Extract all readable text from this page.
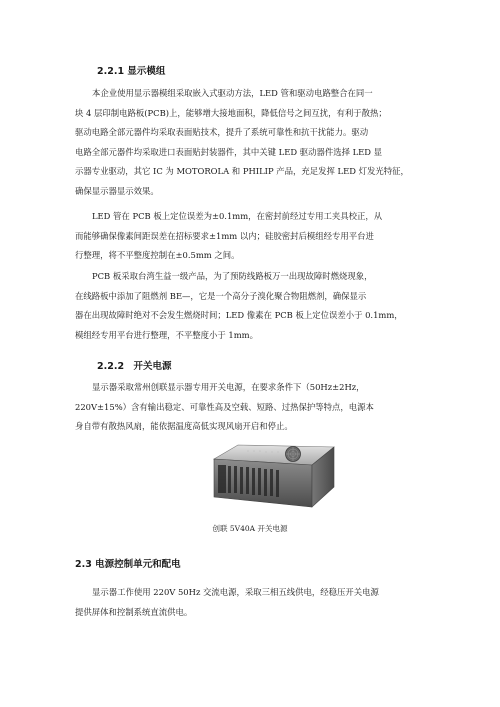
2.2.1 显示模组
本企业使用显示器模组采取嵌入式驱动方法，LED 管和驱动电路整合在同一
块 4 层印制电路板(PCB)上，能够增大接地面积，降低信号之间互扰，有利于散热；
驱动电路全部元器件均采取表面贴技术，提升了系统可靠性和抗干扰能力。驱动
电路全部元器件均采取进口表面贴封装器件，其中关键 LED 驱动器件选择 LED 显
示器专业驱动，其它 IC 为 MOTOROLA 和 PHILIP 产品，充足发挥 LED 灯发光特征，
确保显示器显示效果。
LED 管在 PCB 板上定位误差为±0.1mm，在密封前经过专用工夹具校正，从
而能够确保像素间距误差在招标要求±1mm 以内；硅胶密封后模组经专用平台进
行整理，将不平整度控制在±0.5mm 之间。
PCB 板采取台湾生益一级产品，为了预防线路板万一出现故障时燃烧现象，
在线路板中添加了阻燃剂 BE—，它是一个高分子溴化聚合物阻燃剂，确保显示
器在出现故障时绝对不会发生燃烧时间；LED 像素在 PCB 板上定位误差小于 0.1mm，
模组经专用平台进行整理，不平整度小于 1mm。
2.2.2　开关电源
显示器采取常州创联显示器专用开关电源，在要求条件下（50Hz±2Hz，
220V±15%）含有输出稳定、可靠性高及空载、短路、过热保护等特点，电源本
身自带有散热风扇，能依据温度高低实现风扇开启和停止。
创联 5V40A 开关电源
2.3 电源控制单元和配电
显示器工作使用 220V 50Hz 交流电源，采取三相五线供电，经稳压开关电源
提供屏体和控制系统直流供电。
